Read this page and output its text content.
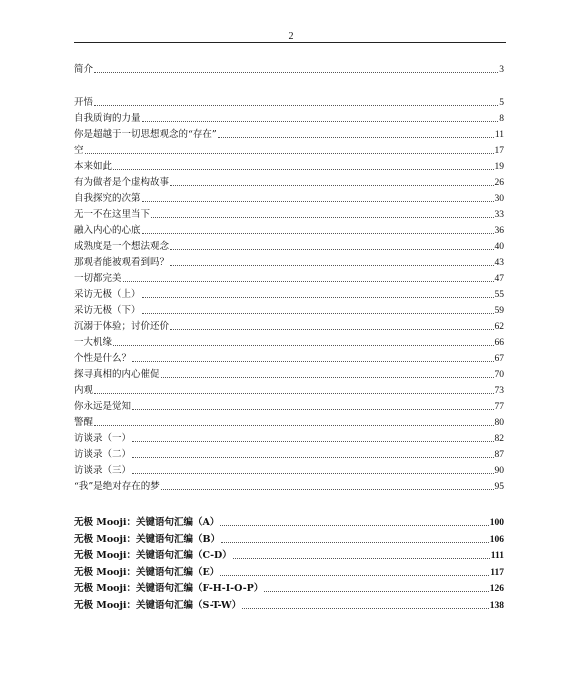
2
简介	3
开悟	5
自我质询的力量	8
你是超越于一切思想观念的“存在”	11
空	17
本来如此	19
有为做者是个虚构故事	26
自我探究的次第	30
无一不在这里当下	33
融入内心的心底	36
成熟度是一个想法观念	40
那观者能被观看到吗？	43
一切都完美	47
采访无极（上）	55
采访无极（下）	59
沉溺于体验；讨价还价	62
一大机缘	66
个性是什么？	67
探寻真相的内心催促	70
内观	73
你永远是觉知	77
警醒	80
访谈录（一）	82
访谈录（二）	87
访谈录（三）	90
“我”是绝对存在的梦	95
无极 Mooji：关键语句汇编（A）	100
无极 Mooji：关键语句汇编（B）	106
无极 Mooji：关键语句汇编（C-D）	111
无极 Mooji：关键语句汇编（E）	117
无极 Mooji：关键语句汇编（F-H-I-O-P）	126
无极 Mooji：关键语句汇编（S-T-W）	138
